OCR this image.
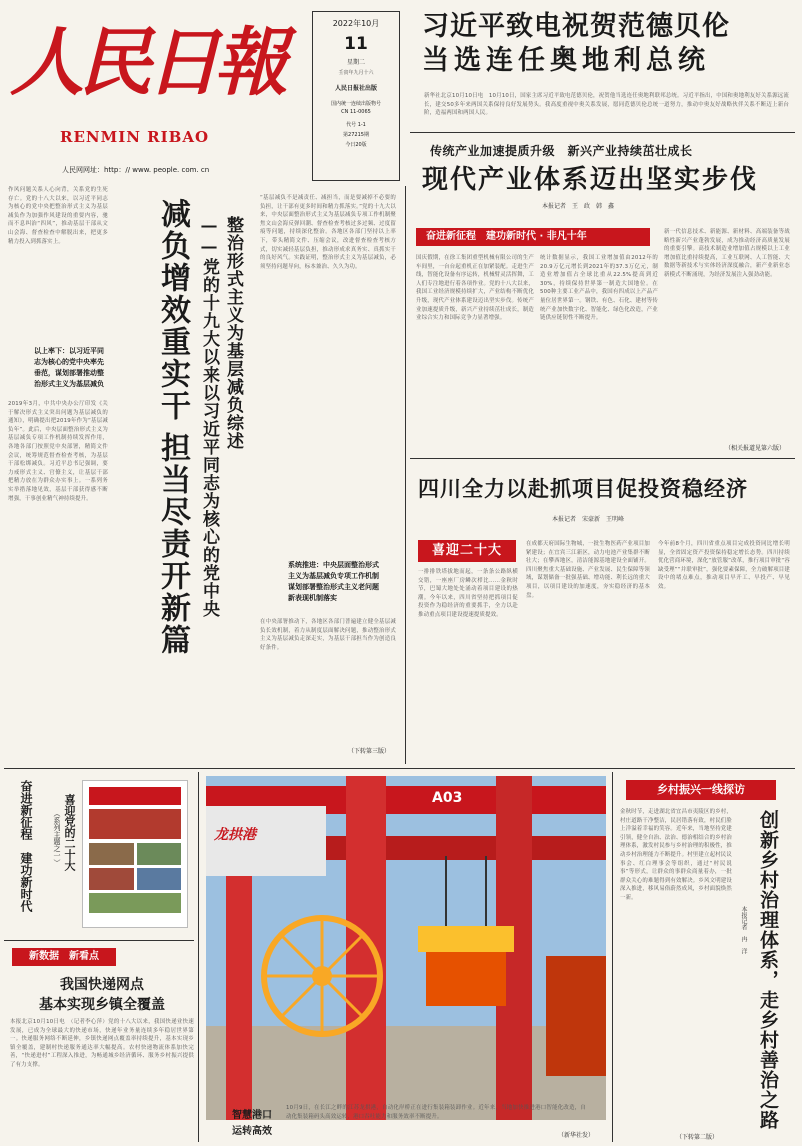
人民日報
RENMIN RIBAO
人民网网址：http：// www. people. com. cn
2022年10月
11
星期二
壬寅年九月十六
人民日报社出版
国内统一连续出版物号
CN 11-0065
代号 1-1
第27215期
今日20版
习近平致电祝贺范德贝伦
当选连任奥地利总统
新华社北京10月10日电　10月10日，国家主席习近平致电范德贝伦，祝贺他当选连任奥地利联邦总统。习近平指出，中国和奥地利友好关系源远流长，建交50多年来两国关系保持良好发展势头。我高度重视中奥关系发展，愿同范德贝伦总统一道努力，推动中奥友好战略伙伴关系不断迈上新台阶，造福两国和两国人民。
传统产业加速提质升级　新兴产业持续茁壮成长
现代产业体系迈出坚实步伐
本报记者　王　政　韩　鑫
奋进新征程　建功新时代 · 非凡十年
国庆假期，在徐工集团重型机械有限公司的生产车间里，一台台起重机正在加紧装配。走进生产线，智能化设备有序运转，机械臂灵活挥舞，工人们专注地进行着各项作业。党的十八大以来，我国工业经济规模持续扩大，产业结构不断优化升级，现代产业体系建设迈出坚实步伐。传统产业加速提质升级，新兴产业持续茁壮成长，制造业综合实力和国际竞争力显著增强。
统计数据显示，我国工业增加值由2012年的20.9万亿元增长到2021年的37.3万亿元，制造业增加值占全球比重从22.5%提高到近30%，持续保持世界第一制造大国地位。在500种主要工业产品中，我国有四成以上产品产量位居世界第一。钢铁、有色、石化、建材等传统产业加快数字化、智能化、绿色化改造，产业链供应链韧性不断提升。
新一代信息技术、新能源、新材料、高端装备等战略性新兴产业蓬勃发展，成为推动经济高质量发展的重要引擎。高技术制造业增加值占规模以上工业增加值比重持续提高，工业互联网、人工智能、大数据等新技术与实体经济深度融合，新产业新业态新模式不断涌现，为经济发展注入强劲动能。
（相关报道见第六版）
四川全力以赴抓项目促投资稳经济
本报记者　宋豪新　王明峰
喜迎二十大
一排排铁塔拔地而起，一条条公路纵横交错，一座座厂房鳞次栉比……金秋时节，巴蜀大地处处涌动着项目建设的热潮。今年以来，四川省坚持把抓项目促投资作为稳经济的重要抓手，全力以赴推动重点项目建设提速提质提效。
在成都天府国际生物城，一批生物医药产业项目加紧建设；在宜宾三江新区，动力电池产业集群不断壮大；在攀西地区，清洁能源基地建设全面铺开。四川聚焦重大基础设施、产业发展、民生保障等领域，谋划储备一批强基础、增功能、利长远的重大项目，以项目建设的加速度，夯实稳经济的基本盘。
今年前8个月，四川省重点项目完成投资同比增长明显，全省固定资产投资保持稳定增长态势。四川持续优化营商环境，深化“放管服”改革，推行项目审批“容缺受理”“并联审批”，强化要素保障，全力破解项目建设中的堵点难点，推动项目早开工、早投产、早见效。
作风问题关系人心向背，关系党的生死存亡。党的十八大以来，以习近平同志为核心的党中央把整治形式主义为基层减负作为加强作风建设的重要内容，驰而不息纠治“四风”，推动基层干部从文山会海、督查检查中解脱出来，把更多精力投入到抓落实上。
以上率下：以习近平同志为核心的党中央率先垂范，谋划部署推动整治形式主义为基层减负
2019年3月，中共中央办公厅印发《关于解决形式主义突出问题为基层减负的通知》，明确提出把2019年作为“基层减负年”。此后，中央层面整治形式主义为基层减负专项工作机制持续发挥作用，各地各部门按照党中央部署，精简文件会议，统筹规范督查检查考核，为基层干部松绑减负。习近平总书记强调，要力戒形式主义、官僚主义，让基层干部把精力放在为群众办实事上。一系列务实举措落地见效，基层干部获得感不断增强，干事创业精气神持续提升。
减负增效重实干
担当尽责开新篇
整治形式主义为基层减负综述
——党的十九大以来以习近平同志为核心的党中央
“基层减负不是减责任、减担当，而是要减掉不必要的负担，让干部有更多时间和精力抓落实。”党的十九大以来，中央层面整治形式主义为基层减负专项工作机制聚焦文山会海反弹回潮、督查检查考核过多过频、过度留痕等问题，持续深化整治。各地区各部门坚持以上率下，带头精简文件、压缩会议，改进督查检查考核方式，切实减轻基层负担，推动形成求真务实、真抓实干的良好风气。实践证明，整治形式主义为基层减负，必须坚持问题导向，标本兼治、久久为功。
系统推进：中央层面整治形式主义为基层减负专项工作机制谋划部署整治形式主义老问题新表现机制落实
在中央部署推动下，各地区各部门普遍建立健全基层减负长效机制，着力从制度层面解决问题，推动整治形式主义为基层减负走深走实，为基层干部担当作为创造良好条件。
（下转第三版）
奋进新征程　建功新时代	（系列主题之一） 喜迎党的二十大
新数据　新看点
我国快递网点
基本实现乡镇全覆盖
本报北京10月10日电　（记者李心萍）党的十八大以来，我国快递业快速发展，已成为全球最大的快递市场，快递年业务量连续多年稳居世界第一。快递服务网络不断延伸，乡镇快递网点覆盖率持续提升，基本实现乡镇全覆盖，建制村快递服务通达率大幅提高。农村快递物流体系加快完善，“快递进村”工程深入推进，为畅通城乡经济循环、服务乡村振兴提供了有力支撑。
龙拱港
A03
智慧港口
运转高效
10月9日，在长江之畔的江苏龙拱港，自动化岸桥正在进行集装箱装卸作业。近年来，当地加快推进港口智能化改造，自动化集装箱码头高效运转，港口吞吐能力和服务效率不断提升。
（新华社发）
乡村振兴一线探访
金秋时节，走进湖北省宜昌市夷陵区的乡村，村庄道路干净整洁，民居错落有致，村民们脸上洋溢着幸福的笑容。近年来，当地坚持党建引领，健全自治、法治、德治相结合的乡村治理体系，激发村民参与乡村治理的积极性，推动乡村治理能力不断提升。村里建立起村民议事会、红白理事会等组织，通过“村民说事”等形式，让群众的事群众商量着办，一批群众关心的难题得到有效解决。乡风文明建设深入推进，移风易俗蔚然成风，乡村面貌焕然一新。	创新乡村治理体系，走乡村善治之路
本报记者　冉　洋
（下转第二版）
